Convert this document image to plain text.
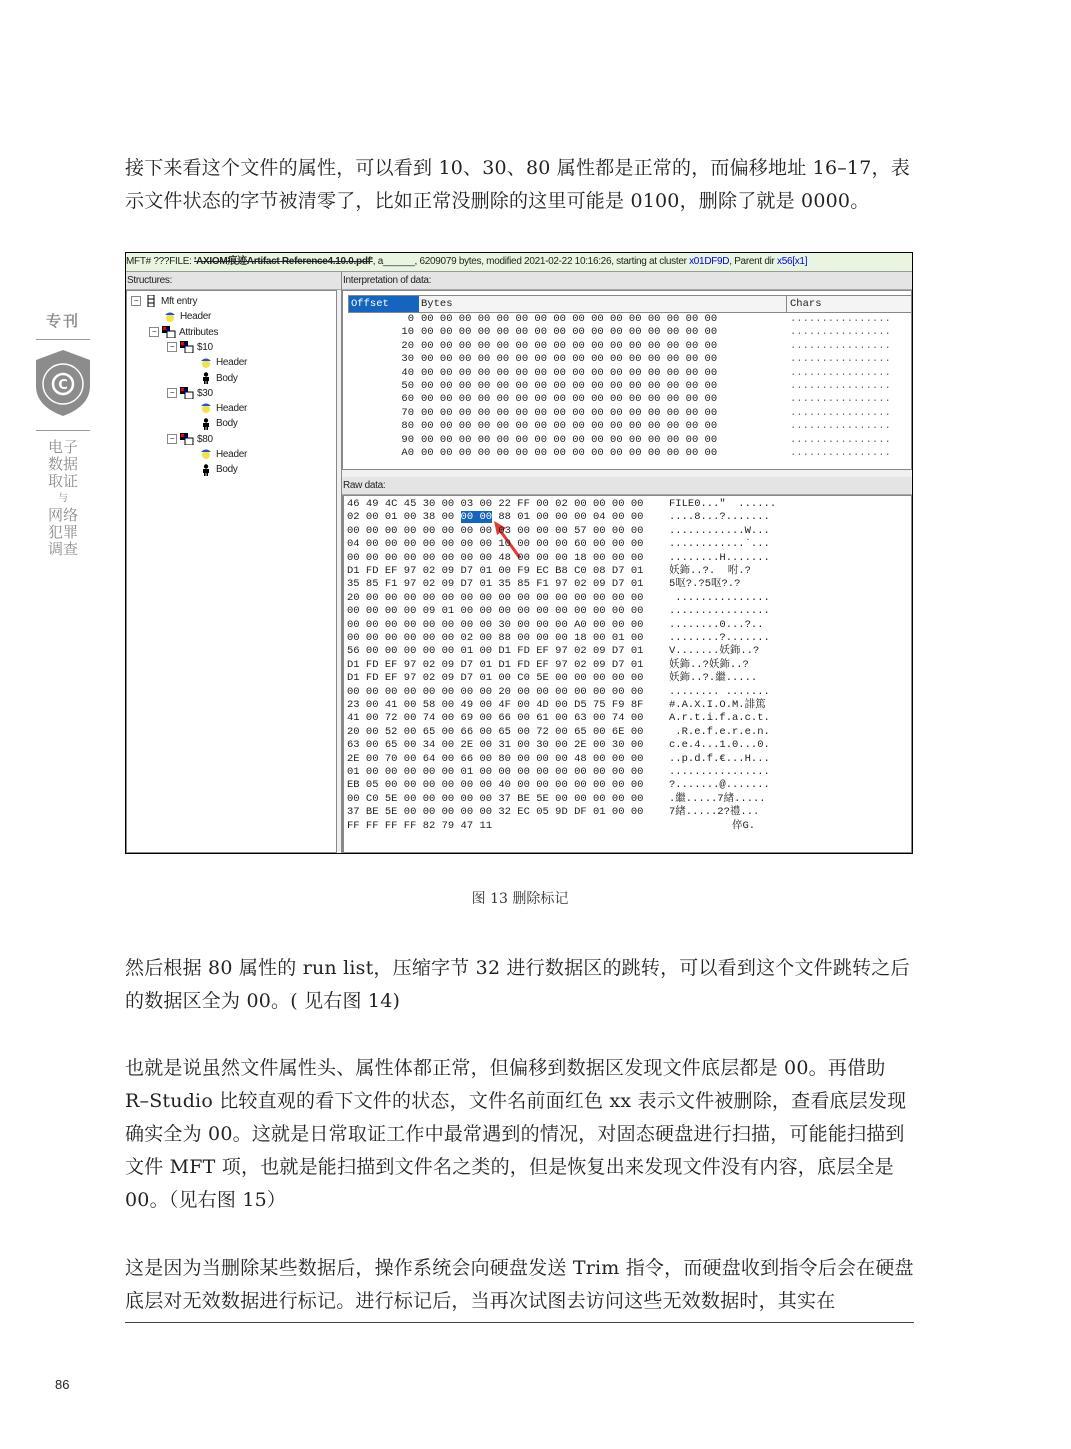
专刊
C
电子
数据
取证
与
网络
犯罪
调查
接下来看这个文件的属性，可以看到 10、30、80 属性都是正常的，而偏移地址 16–17，表示文件状态的字节被清零了，比如正常没删除的这里可能是 0100，删除了就是 0000。
MFT# ???FILE: 'AXIOM痕迹Artifact Reference4.10.0.pdf', a______, 6209079 bytes, modified 2021-02-22 10:16:26, starting at cluster x01DF9D, Parent dir x56[x1]
Structures:
− Mft entry
Header
− Attributes
− $10
Header
Body
− $30
Header
Body
− $80
Header
Body
Interpretation of data:
Offset	Bytes	Chars
0 00 00 00 00 00 00 00 00 00 00 00 00 00 00 00 00	................
10 00 00 00 00 00 00 00 00 00 00 00 00 00 00 00 00	................
20 00 00 00 00 00 00 00 00 00 00 00 00 00 00 00 00	................
30 00 00 00 00 00 00 00 00 00 00 00 00 00 00 00 00	................
40 00 00 00 00 00 00 00 00 00 00 00 00 00 00 00 00	................
50 00 00 00 00 00 00 00 00 00 00 00 00 00 00 00 00	................
60 00 00 00 00 00 00 00 00 00 00 00 00 00 00 00 00	................
70 00 00 00 00 00 00 00 00 00 00 00 00 00 00 00 00	................
80 00 00 00 00 00 00 00 00 00 00 00 00 00 00 00 00	................
90 00 00 00 00 00 00 00 00 00 00 00 00 00 00 00 00	................
A0 00 00 00 00 00 00 00 00 00 00 00 00 00 00 00 00	................
Raw data:
46 49 4C 45 30 00 03 00 22 FF 00 02 00 00 00 00 FILE0..."  ......
02 00 01 00 38 00 00 00 88 01 00 00 00 04 00 00 ....8...?.......
00 00 00 00 00 00 00 00 03 00 00 00 57 00 00 00 ............W...
04 00 00 00 00 00 00 00 10 00 00 00 60 00 00 00 ............`...
00 00 00 00 00 00 00 00 48 00 00 00 18 00 00 00 ........H.......
D1 FD EF 97 02 09 D7 01 00 F9 EC B8 C0 08 D7 01 妖鉓..?.  咐.?
35 85 F1 97 02 09 D7 01 35 85 F1 97 02 09 D7 01 5呕?.?5呕?.?
20 00 00 00 00 00 00 00 00 00 00 00 00 00 00 00 ...............
00 00 00 00 09 01 00 00 00 00 00 00 00 00 00 00 ................
00 00 00 00 00 00 00 00 30 00 00 00 A0 00 00 00 ........0...?..
00 00 00 00 00 00 02 00 88 00 00 00 18 00 01 00 ........?.......
56 00 00 00 00 00 01 00 D1 FD EF 97 02 09 D7 01 V.......妖鉓..?
D1 FD EF 97 02 09 D7 01 D1 FD EF 97 02 09 D7 01 妖鉓..?妖鉓..?
D1 FD EF 97 02 09 D7 01 00 C0 5E 00 00 00 00 00 妖鉓..?.繼.....
00 00 00 00 00 00 00 00 20 00 00 00 00 00 00 00 ........ .......
23 00 41 00 58 00 49 00 4F 00 4D 00 D5 75 F9 8F #.A.X.I.O.M.誹篤
41 00 72 00 74 00 69 00 66 00 61 00 63 00 74 00 A.r.t.i.f.a.c.t.
20 00 52 00 65 00 66 00 65 00 72 00 65 00 6E 00 .R.e.f.e.r.e.n.
63 00 65 00 34 00 2E 00 31 00 30 00 2E 00 30 00 c.e.4...1.0...0.
2E 00 70 00 64 00 66 00 80 00 00 00 48 00 00 00 ..p.d.f.€...H...
01 00 00 00 00 00 01 00 00 00 00 00 00 00 00 00 ................
EB 05 00 00 00 00 00 00 40 00 00 00 00 00 00 00 ?.......@.......
00 C0 5E 00 00 00 00 00 37 BE 5E 00 00 00 00 00 .繼.....7緖.....
37 BE 5E 00 00 00 00 00 32 EC 05 9D DF 01 00 00 7緖.....2?禮...
FF FF FF FF 82 79 47 11	倅G.
图 13 删除标记
然后根据 80 属性的 run list，压缩字节 32 进行数据区的跳转，可以看到这个文件跳转之后的数据区全为 00。( 见右图 14)
也就是说虽然文件属性头、属性体都正常，但偏移到数据区发现文件底层都是 00。再借助 R–Studio 比较直观的看下文件的状态，文件名前面红色 xx 表示文件被删除，查看底层发现确实全为 00。这就是日常取证工作中最常遇到的情况，对固态硬盘进行扫描，可能能扫描到文件 MFT 项，也就是能扫描到文件名之类的，但是恢复出来发现文件没有内容，底层全是 00。（见右图 15）
这是因为当删除某些数据后，操作系统会向硬盘发送 Trim 指令，而硬盘收到指令后会在硬盘底层对无效数据进行标记。进行标记后，当再次试图去访问这些无效数据时，其实在
86
